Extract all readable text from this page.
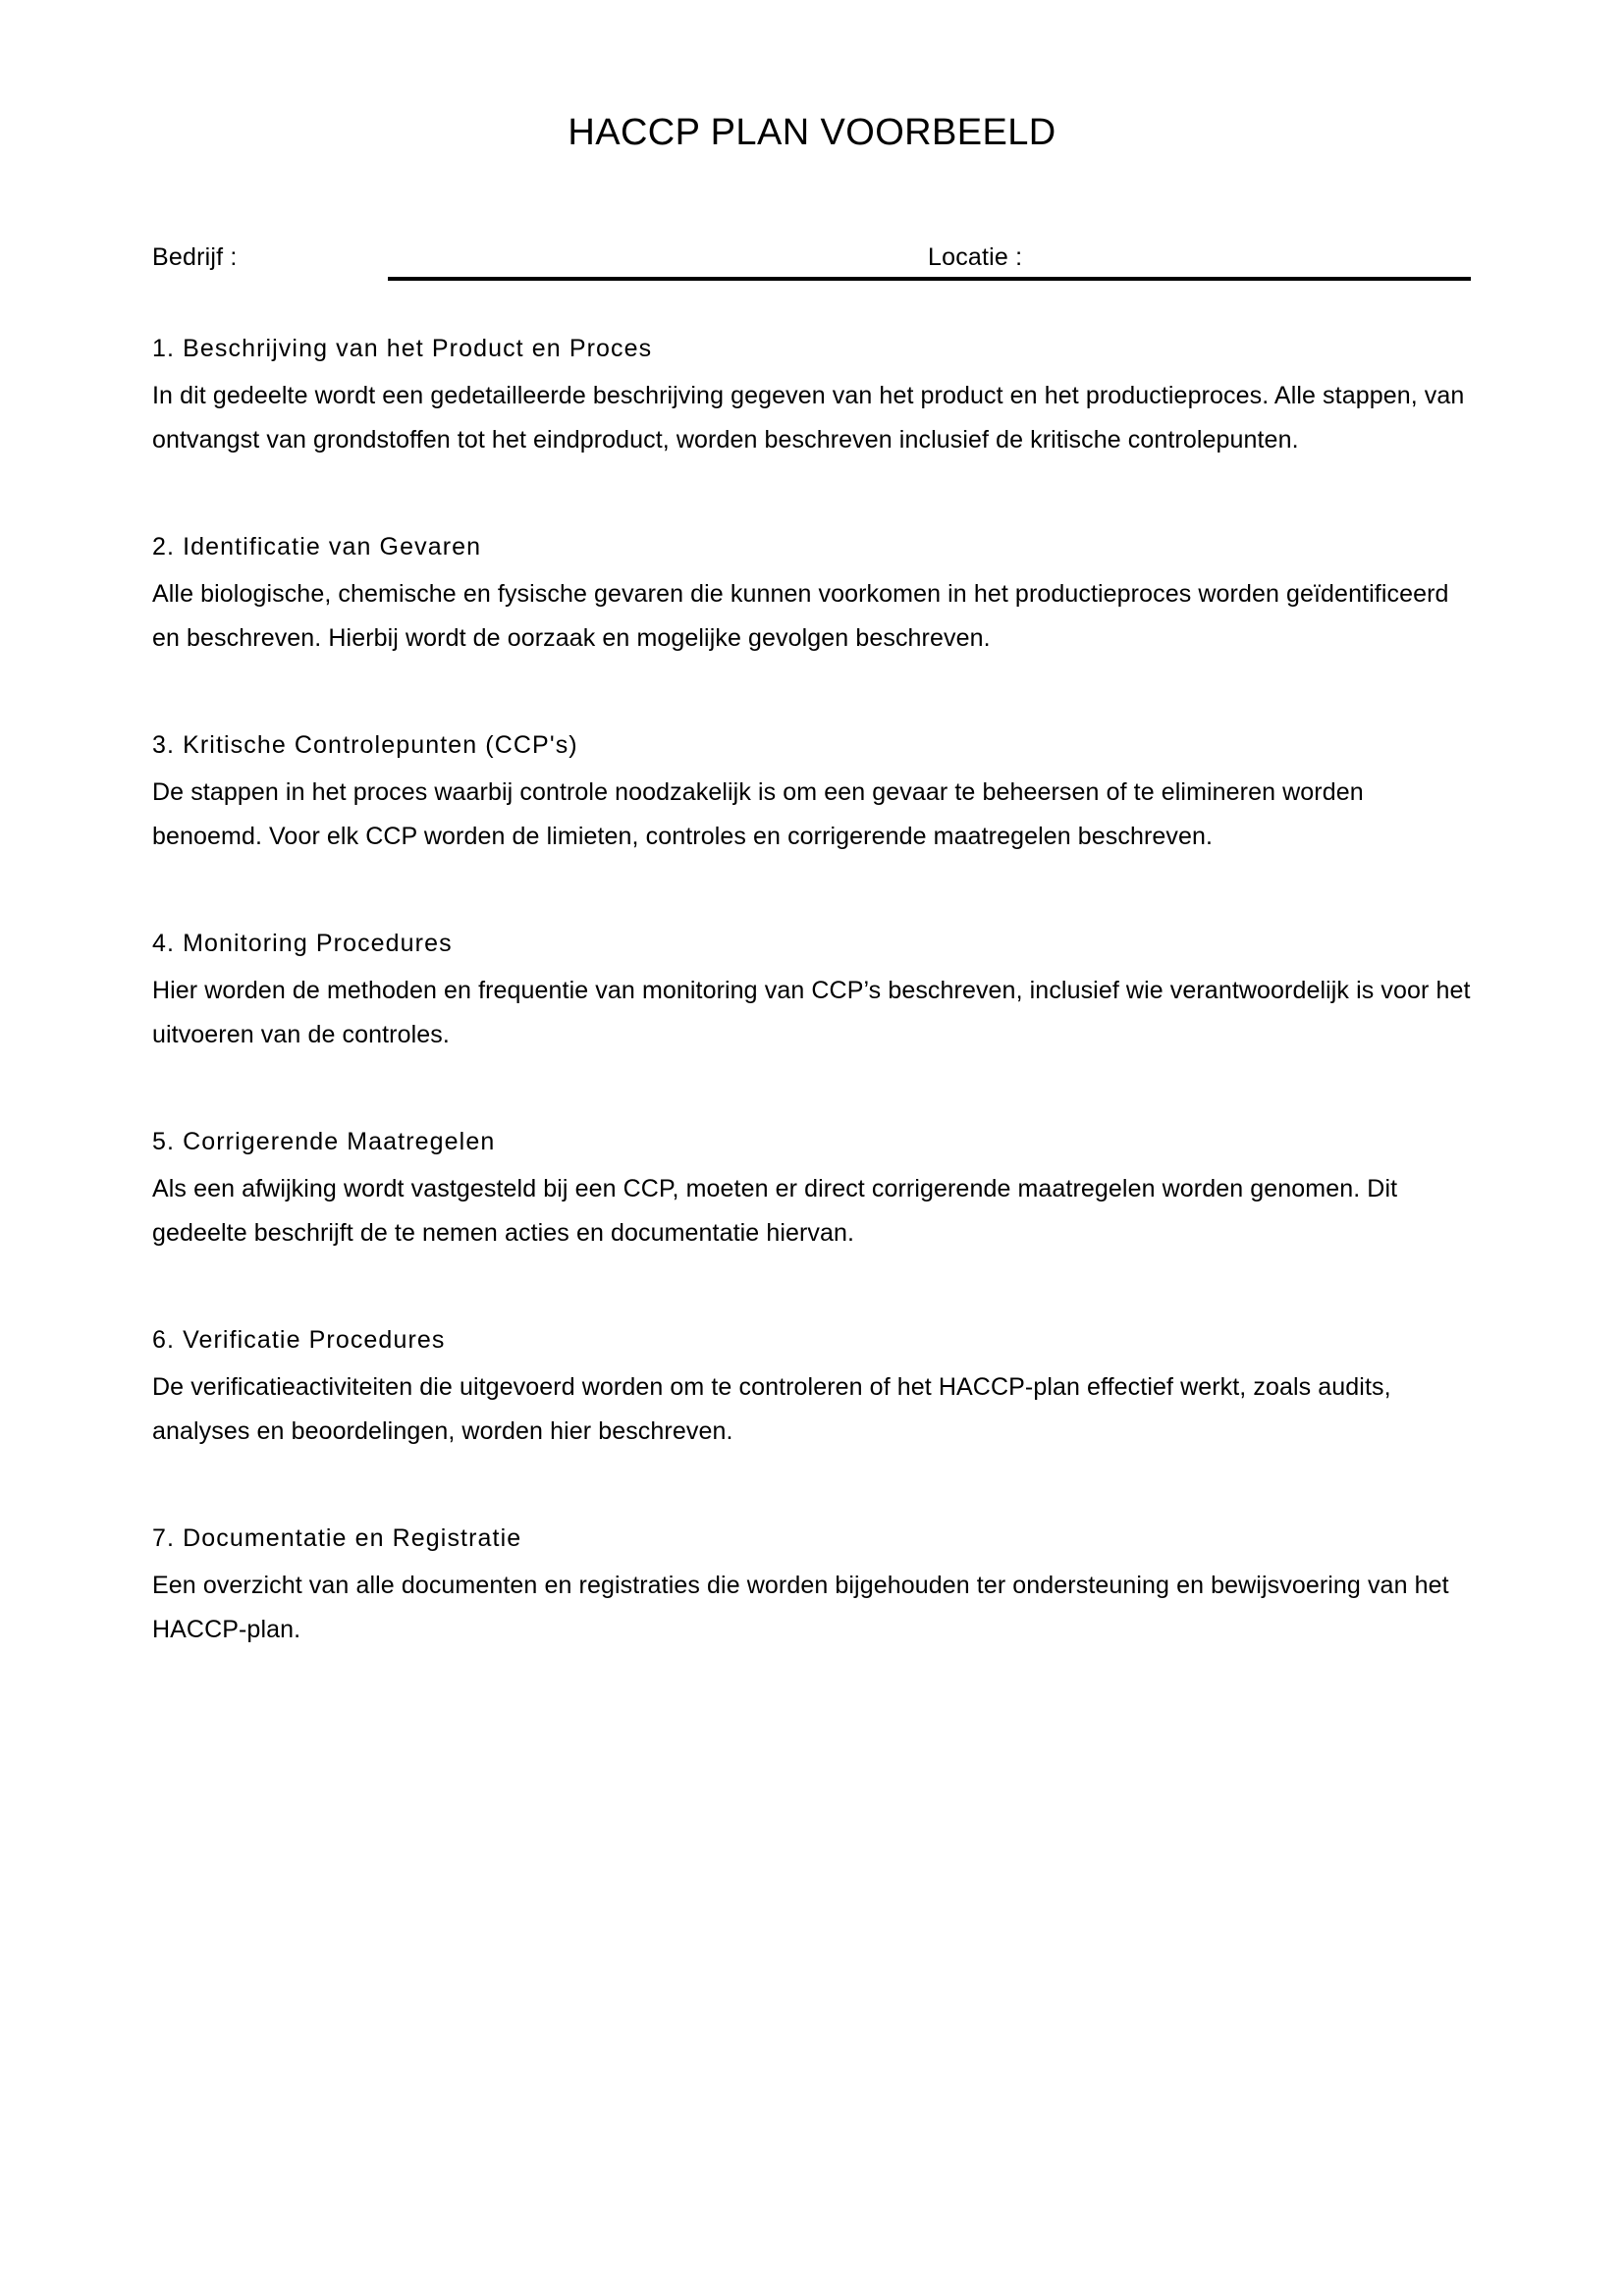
HACCP PLAN VOORBEELD
Bedrijf :	Locatie :
1. Beschrijving van het Product en Proces

In dit gedeelte wordt een gedetailleerde beschrijving gegeven van het product en het productieproces. Alle stappen, van ontvangst van grondstoffen tot het eindproduct, worden beschreven inclusief de kritische controlepunten.

2. Identificatie van Gevaren

Alle biologische, chemische en fysische gevaren die kunnen voorkomen in het productieproces worden geïdentificeerd en beschreven. Hierbij wordt de oorzaak en mogelijke gevolgen beschreven.

3. Kritische Controlepunten (CCP's)

De stappen in het proces waarbij controle noodzakelijk is om een gevaar te beheersen of te elimineren worden benoemd. Voor elk CCP worden de limieten, controles en corrigerende maatregelen beschreven.

4. Monitoring Procedures

Hier worden de methoden en frequentie van monitoring van CCP’s beschreven, inclusief wie verantwoordelijk is voor het uitvoeren van de controles.

5. Corrigerende Maatregelen

Als een afwijking wordt vastgesteld bij een CCP, moeten er direct corrigerende maatregelen worden genomen. Dit gedeelte beschrijft de te nemen acties en documentatie hiervan.

6. Verificatie Procedures

De verificatieactiviteiten die uitgevoerd worden om te controleren of het HACCP-plan effectief werkt, zoals audits, analyses en beoordelingen, worden hier beschreven.

7. Documentatie en Registratie

Een overzicht van alle documenten en registraties die worden bijgehouden ter ondersteuning en bewijsvoering van het HACCP-plan.
